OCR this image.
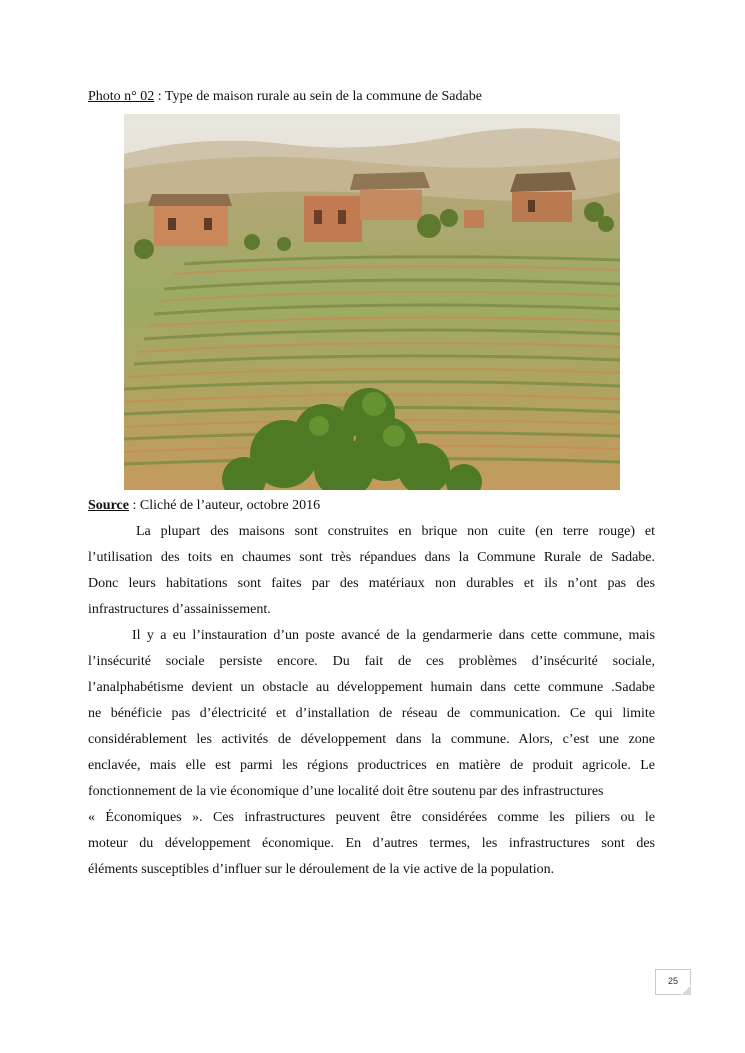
Photo n° 02 : Type de maison rurale au sein de la commune de Sadabe
Source : Cliché de l’auteur, octobre 2016
La plupart des maisons sont construites en brique non cuite (en terre rouge) et
l’utilisation des toits en chaumes sont très répandues dans la Commune Rurale de Sadabe.
Donc leurs habitations sont faites par des matériaux non durables et ils n’ont pas des
infrastructures d’assainissement.
Il y a eu l’instauration d’un poste avancé de la gendarmerie dans cette commune, mais
l’insécurité sociale persiste encore. Du fait de ces problèmes d’insécurité sociale,
l’analphabétisme devient un obstacle au développement humain dans cette commune .Sadabe
ne bénéficie pas d’électricité et d’installation de réseau de communication. Ce qui limite
considérablement les activités de développement dans la commune. Alors, c’est une zone
enclavée, mais elle est parmi les régions productrices en matière de produit agricole. Le
fonctionnement de la vie économique d’une localité doit être soutenu par des infrastructures
« Économiques ». Ces infrastructures peuvent être considérées comme les piliers ou le
moteur du développement économique. En d’autres termes, les infrastructures sont des
éléments susceptibles d’influer sur le déroulement de la vie active de la population.
25
